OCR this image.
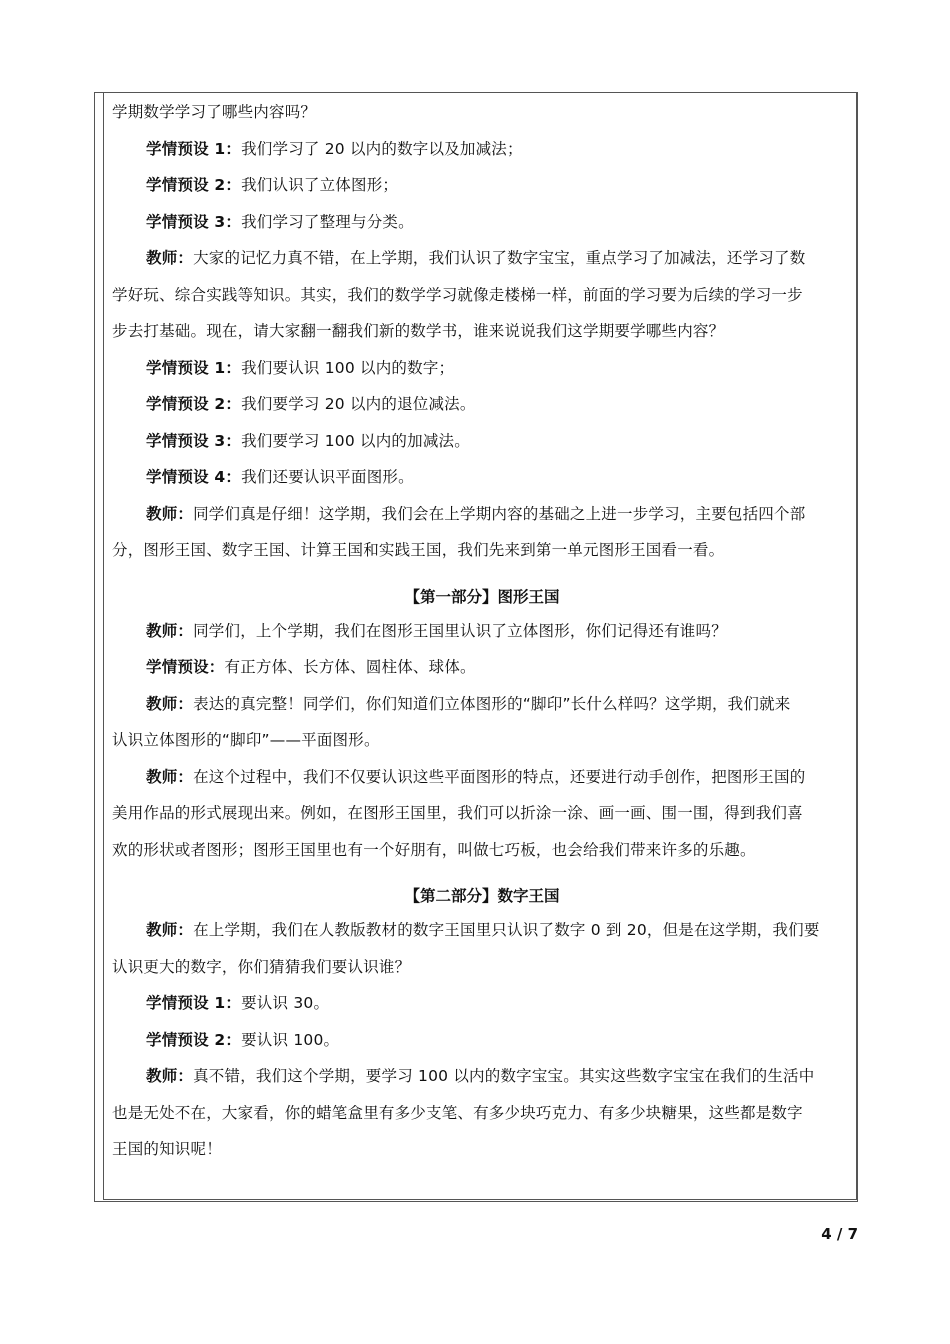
学期数学学习了哪些内容吗？
学情预设 1：我们学习了 20 以内的数字以及加减法；
学情预设 2：我们认识了立体图形；
学情预设 3：我们学习了整理与分类。
教师：大家的记忆力真不错，在上学期，我们认识了数字宝宝，重点学习了加减法，还学习了数
学好玩、综合实践等知识。其实，我们的数学学习就像走楼梯一样，前面的学习要为后续的学习一步
步去打基础。现在，请大家翻一翻我们新的数学书，谁来说说我们这学期要学哪些内容？
学情预设 1：我们要认识 100 以内的数字；
学情预设 2：我们要学习 20 以内的退位减法。
学情预设 3：我们要学习 100 以内的加减法。
学情预设 4：我们还要认识平面图形。
教师：同学们真是仔细！这学期，我们会在上学期内容的基础之上进一步学习，主要包括四个部
分，图形王国、数字王国、计算王国和实践王国，我们先来到第一单元图形王国看一看。
【第一部分】图形王国
教师：同学们，上个学期，我们在图形王国里认识了立体图形，你们记得还有谁吗？
学情预设：有正方体、长方体、圆柱体、球体。
教师：表达的真完整！同学们，你们知道们立体图形的“脚印”长什么样吗？这学期，我们就来
认识立体图形的“脚印”——平面图形。
教师：在这个过程中，我们不仅要认识这些平面图形的特点，还要进行动手创作，把图形王国的
美用作品的形式展现出来。例如，在图形王国里，我们可以折涂一涂、画一画、围一围，得到我们喜
欢的形状或者图形；图形王国里也有一个好朋有，叫做七巧板，也会给我们带来许多的乐趣。
【第二部分】数字王国
教师：在上学期，我们在人教版教材的数字王国里只认识了数字 0 到 20，但是在这学期，我们要
认识更大的数字，你们猜猜我们要认识谁？
学情预设 1：要认识 30。
学情预设 2：要认识 100。
教师：真不错，我们这个学期，要学习 100 以内的数字宝宝。其实这些数字宝宝在我们的生活中
也是无处不在，大家看，你的蜡笔盒里有多少支笔、有多少块巧克力、有多少块糖果，这些都是数字
王国的知识呢！
4 / 7
